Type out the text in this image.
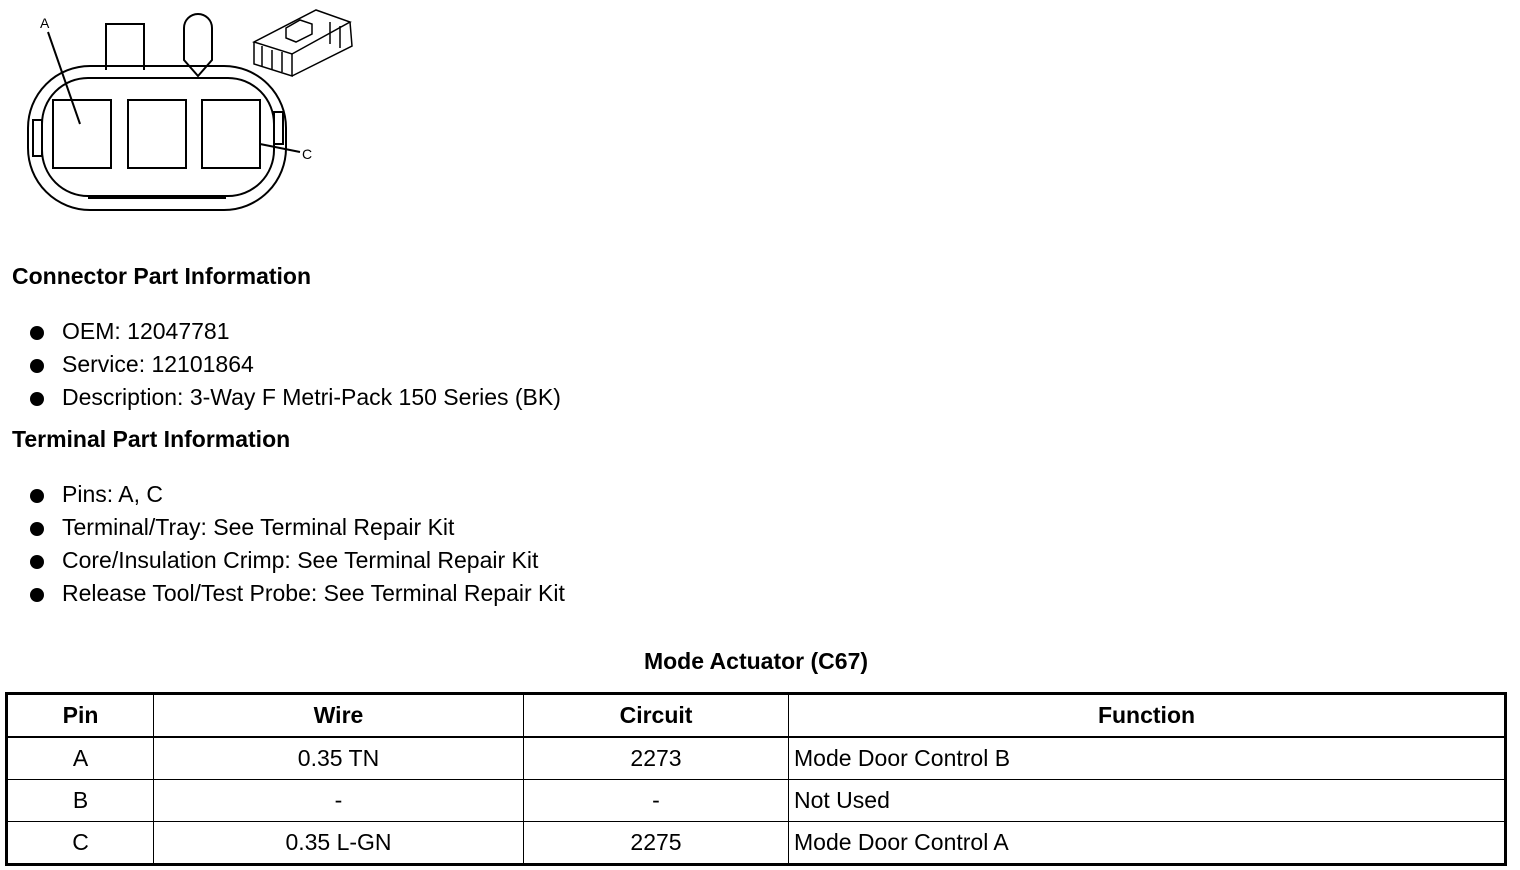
A
C
Connector Part Information
OEM: 12047781
Service: 12101864
Description: 3-Way F Metri-Pack 150 Series (BK)
Terminal Part Information
Pins: A, C
Terminal/Tray: See Terminal Repair Kit
Core/Insulation Crimp: See Terminal Repair Kit
Release Tool/Test Probe: See Terminal Repair Kit
Mode Actuator (C67)
Pin	Wire	Circuit	Function
A	0.35 TN	2273	Mode Door Control B
B	-	-	Not Used
C	0.35 L-GN	2275	Mode Door Control A
